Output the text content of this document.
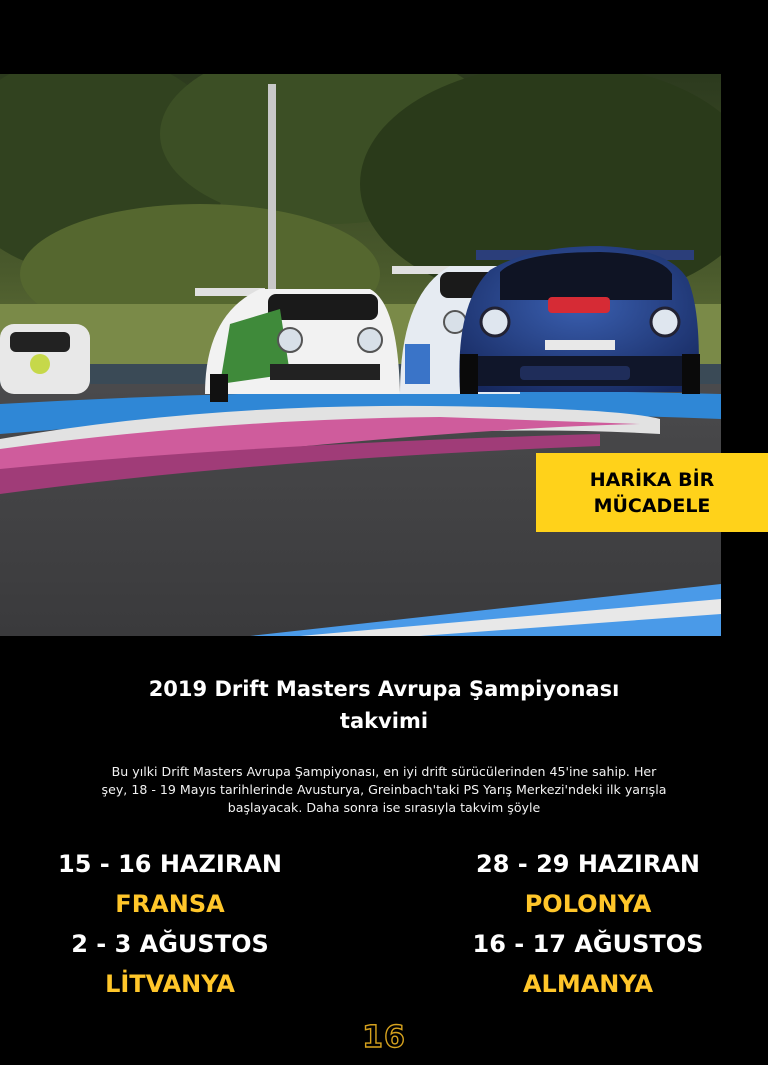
HARİKA BİR
MÜCADELE
2019 Drift Masters Avrupa Şampiyonası
takvimi
Bu yılki Drift Masters Avrupa Şampiyonası, en iyi drift sürücülerinden 45'ine sahip. Her
şey, 18 - 19 Mayıs tarihlerinde Avusturya, Greinbach'taki PS Yarış Merkezi'ndeki ilk yarışla
başlayacak. Daha sonra ise sırasıyla takvim şöyle
15 - 16 HAZIRAN
FRANSA
2 - 3 AĞUSTOS
LİTVANYA
28 - 29 HAZIRAN
POLONYA
16 - 17 AĞUSTOS
ALMANYA
16
